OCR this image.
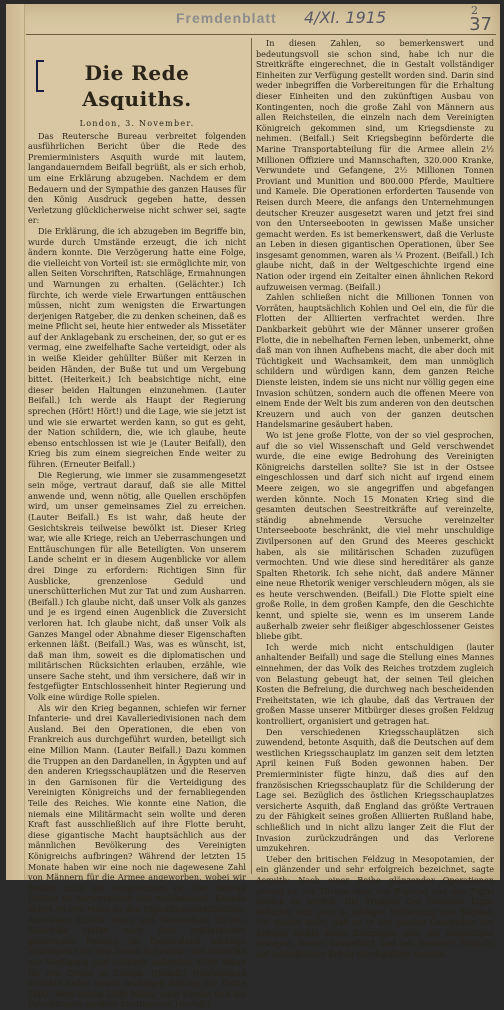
Fremdenblatt 4/XI. 1915	2
37
Die Rede Asquiths.
London, 3. November.

Das Reutersche Bureau verbreitet folgenden ausführlichen Bericht über die Rede des Premierministers Asquith wurde mit lautem, langandauerndem Beifall begrüßt, als er sich erhob, um eine Erklärung abzugeben. Nachdem er dem Bedauern und der Sympathie des ganzen Hauses für den König Ausdruck gegeben hatte, dessen Verletzung glücklicherweise nicht schwer sei, sagte er:

Die Erklärung, die ich abzugeben im Begriffe bin, wurde durch Umstände erzeugt, die ich nicht ändern konnte. Die Verzögerung hatte eine Folge, die vielleicht von Vorteil ist: sie ermöglichte mir, von allen Seiten Vorschriften, Ratschläge, Ermahnungen und Warnungen zu erhalten. (Gelächter.) Ich fürchte, ich werde viele Erwartungen enttäuschen müssen, nicht zum wenigsten die Erwartungen derjenigen Ratgeber, die zu denken scheinen, daß es meine Pflicht sei, heute hier entweder als Missetäter auf der Anklagebank zu erscheinen, der, so gut er es vermag, eine zweifelhafte Sache verteidigt, oder als in weiße Kleider gehüllter Büßer mit Kerzen in beiden Händen, der Buße tut und um Vergebung bittet. (Heiterkeit.) Ich beabsichtige nicht, eine dieser beiden Haltungen einzunehmen. (Lauter Beifall.) Ich werde als Haupt der Regierung sprechen (Hört! Hört!) und die Lage, wie sie jetzt ist und wie sie erwartet werden kann, so gut es geht, der Nation schildern, die, wie ich glaube, heute ebenso entschlossen ist wie je (Lauter Beifall), den Krieg bis zum einem siegreichen Ende weiter zu führen. (Erneuter Beifall.)

Die Regierung, wie immer sie zusammengesetzt sein möge, vertraut darauf, daß sie alle Mittel anwende und, wenn nötig, alle Quellen erschöpfen wird, um unser gemeinsames Ziel zu erreichen. (Lauter Beifall.) Es ist wahr, daß heute der Gesichtskreis teilweise bewölkt ist. Dieser Krieg war, wie alle Kriege, reich an Ueberraschungen und Enttäuschungen für alle Beteiligten. Von unserem Lande scheint er in diesem Augenblicke vor allem drei Dinge zu erfordern: Richtigen Sinn für Ausblicke, grenzenlose Geduld und unerschütterlichen Mut zur Tat und zum Ausharren. (Beifall.) Ich glaube nicht, daß unser Volk als ganzes und je es irgend einen Augenblick die Zuversicht verloren hat. Ich glaube nicht, daß unser Volk als Ganzes Mangel oder Abnahme dieser Eigenschaften erkennen läßt. (Beifall.) Was, was es wünscht, ist, daß man ihm, soweit es die diplomatischen und militärischen Rücksichten erlauben, erzähle, wie unsere Sache steht, und ihm versichere, daß wir in festgefügter Entschlossenheit hinter Regierung und Volk eine würdige Rolle spielen.

Als wir den Krieg begannen, schiefen wir ferner Infanterie- und drei Kavalleriedivisionen nach dem Ausland. Bei den Operationen, die eben von Frankreich aus durchgeführt wurden, beteiligt sich eine Million Mann. (Lauter Beifall.) Dazu kommen die Truppen an den Dardanellen, in Ägypten und auf den anderen Kriegsschauplätzen und die Reserven in den Garnisonen für die Verteidigung des Vereinigten Königreichs und der fernabliegenden Teile des Reiches. Wie konnte eine Nation, die niemals eine Militärmacht sein wollte und deren Kraft fast ausschließlich auf ihre Flotte beruht, diese gigantische Macht hauptsächlich aus der männlichen Bevölkerung des Vereinigten Königreichs aufbringen? Während der letzten 15 Monate haben wir eine noch nie dagewesene Zahl von Männern für die Armee angeworben, wobei wir freilich nicht mit eingerechnet ist. Der Beitrag Indiens ist hervorragend und wohlbekannt. Kanada liefert 96.000 Mann zu den Expeditionsstreitkräften, Australien 92.000 Mann und Neuseeland 25.000. Südafrika stellte nach dem erfolgreichen glänzenden Feldzug im Damaraland wichtige Kontingente für den Dienst in Zentral- und Ostafrika zur Verfügung und schickte außerdem 6500 Mann für den Dienst in Europa. (Beifall.) Neufundland schickte außer einem wichtigen Beitrag zur Flotte 1600, West-Indien 2000 Mann; auch Ceylon und die Fidschiinseln sandten Kontingente. (Beifall.)

In diesen Zahlen, so bemerkenswert und bedeutungsvoll sie schon sind, habe ich nur die Streitkräfte eingerechnet, die in Gestalt vollständiger Einheiten zur Verfügung gestellt worden sind. Darin sind weder inbegriffen die Vorbereitungen für die Erhaltung dieser Einheiten und den zukünftigen Ausbau von Kontingenten, noch die große Zahl von Männern aus allen Reichsteilen, die einzeln nach dem Vereinigten Königreich gekommen sind, um Kriegsdienste zu nehmen. (Beifall.) Seit Kriegsbeginn beförderte die Marine Transportabteilung für die Armee allein 2½ Millionen Offiziere und Mannschaften, 320.000 Kranke, Verwundete und Gefangene, 2½ Millionen Tonnen Proviant und Munition und 800.000 Pferde, Maultiere und Kamele. Die Operationen erforderten Tausende von Reisen durch Meere, die anfangs den Unternehmungen deutscher Kreuzer ausgesetzt waren und jetzt frei sind von den Unterseebooten in gewissen Maße unsicher gemacht werden. Es ist bemerkenswert, daß die Verluste an Leben in diesen gigantischen Operationen, über See insgesamt genommen, waren als ¼ Prozent. (Beifall.) Ich glaube nicht, daß in der Weltgeschichte irgend eine Nation oder irgend ein Zeitalter einen ähnlichen Rekord aufzuweisen vermag. (Beifall.)

Zahlen schließen nicht die Millionen Tonnen von Vorräten, hauptsächlich Kohlen und Oel ein, die für die Flotten der Alliierten verfrachtet werden. Ihre Dankbarkeit gebührt wie der Männer unserer großen Flotte, die in nebelhaften Fernen leben, unbemerkt, ohne daß man von ihnen Aufhebens macht, die aber doch mit Tüchtigkeit und Wachsamkeit, dem man unmöglich schildern und würdigen kann, dem ganzen Reiche Dienste leisten, indem sie uns nicht nur völlig gegen eine Invasion schützen, sondern auch die offenen Meere von einem Ende der Welt bis zum anderen von den deutschen Kreuzern und auch von der ganzen deutschen Handelsmarine gesäubert haben.

Wo ist jene große Flotte, von der so viel gesprochen, auf die so viel Wissenschaft und Geld verschwendet wurde, die eine ewige Bedrohung des Vereinigten Königreichs darstellen sollte? Sie ist in der Ostsee eingeschlossen und darf sich nicht auf irgend einem Meere zeigen, wo sie angegriffen und abgefangen werden könnte. Noch 15 Monaten Krieg sind die gesamten deutschen Seestreitkräfte auf vereinzelte, ständig abnehmende Versuche vereinzelter Unterseeboote beschränkt, die viel mehr unschuldige Zivilpersonen auf den Grund des Meeres geschickt haben, als sie militärischen Schaden zuzufügen vermochten. Und wie diese sind hereditärer als ganze Spalten Rhetorik. Ich sehe nicht, daß andere Männer eine neue Rhetorik weniger verschleudern mögen, als sie es heute verschwenden. (Beifall.) Die Flotte spielt eine große Rolle, in dem großen Kampfe, den die Geschichte kennt, und spielte sie, wenn es im unserem Lande außerhalb zweier sehr fleißiger abgeschlossener Geistes bliebe gibt.

Ich werde mich nicht entschuldigen (lauter anhaltender Beifall) und sage die Stellung eines Mannes einnehmen, der das Volk des Reiches trotzdem zugleich von Belastung gebeugt hat, der seinen Teil gleichen Kosten die Befreiung, die durchweg nach bescheidenden Freiheitstaten, wie ich glaube, daß das Vertrauen der großen Masse unserer Mitbürger dieses großen Feldzug kontrolliert, organisiert und getragen hat.

Den verschiedenen Kriegsschauplätzen sich zuwendend, betonte Asquith, daß die Deutschen auf dem westlichen Kriegsschauplatz im ganzen seit dem letzten April keinen Fuß Boden gewonnen haben. Der Premierminister fügte hinzu, daß dies auf den französischen Kriegsschauplatz für die Schilderung der Lage sei. Bezüglich des östlichen Kriegsschauplatzes versicherte Asquith, daß England das größte Vertrauen zu der Fähigkeit seines großen Alliierten Rußland habe, schließlich und in nicht allzu langer Zeit die Flut der Invasion zurückzudrängen und das Verlorene umzukehren.

Ueber den britischen Feldzug in Mesopotamien, der ein glänzender und sehr erfolgreich bezeichnet, sagte Asquith: Nach einer Reihe glänzender Operationen gelang es, die Türken über den Euphrat und den Tigris zurück zu werfen. Die Truppen des Generals Kigns befinden sich jetzt in mäßiger Entfernung von Bagdad. Ich glaube nicht, daß es in der ganzen Geschichte des Krieges nichts keine Kampagne gab, die sorgfältiger erwogen, besser ausgeführt und mit besserer Aussicht auf schließlichen Erfolg durchgeführt wurden.
